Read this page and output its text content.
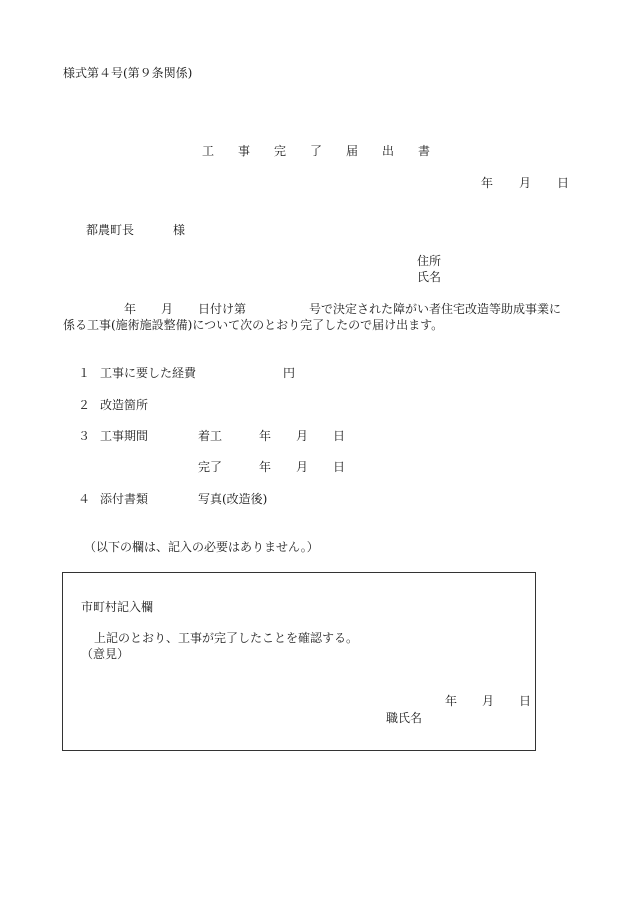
様式第４号(第９条関係)
工 事 完 了 届 出 書
年 月 日
都農町長	様
住所
氏名
年 月 日付け第	号で決定された障がい者住宅改造等助成事業に
係る工事(施術施設整備)について次のとおり完了したので届け出ます。
１ 工事に要した経費	円
２ 改造箇所
３ 工事期間	着工	年 月 日
完了	年 月 日
４ 添付書類	写真(改造後)
（以下の欄は、記入の必要はありません。）
市町村記入欄
上記のとおり、工事が完了したことを確認する。
（意見）
年 月 日
職氏名
